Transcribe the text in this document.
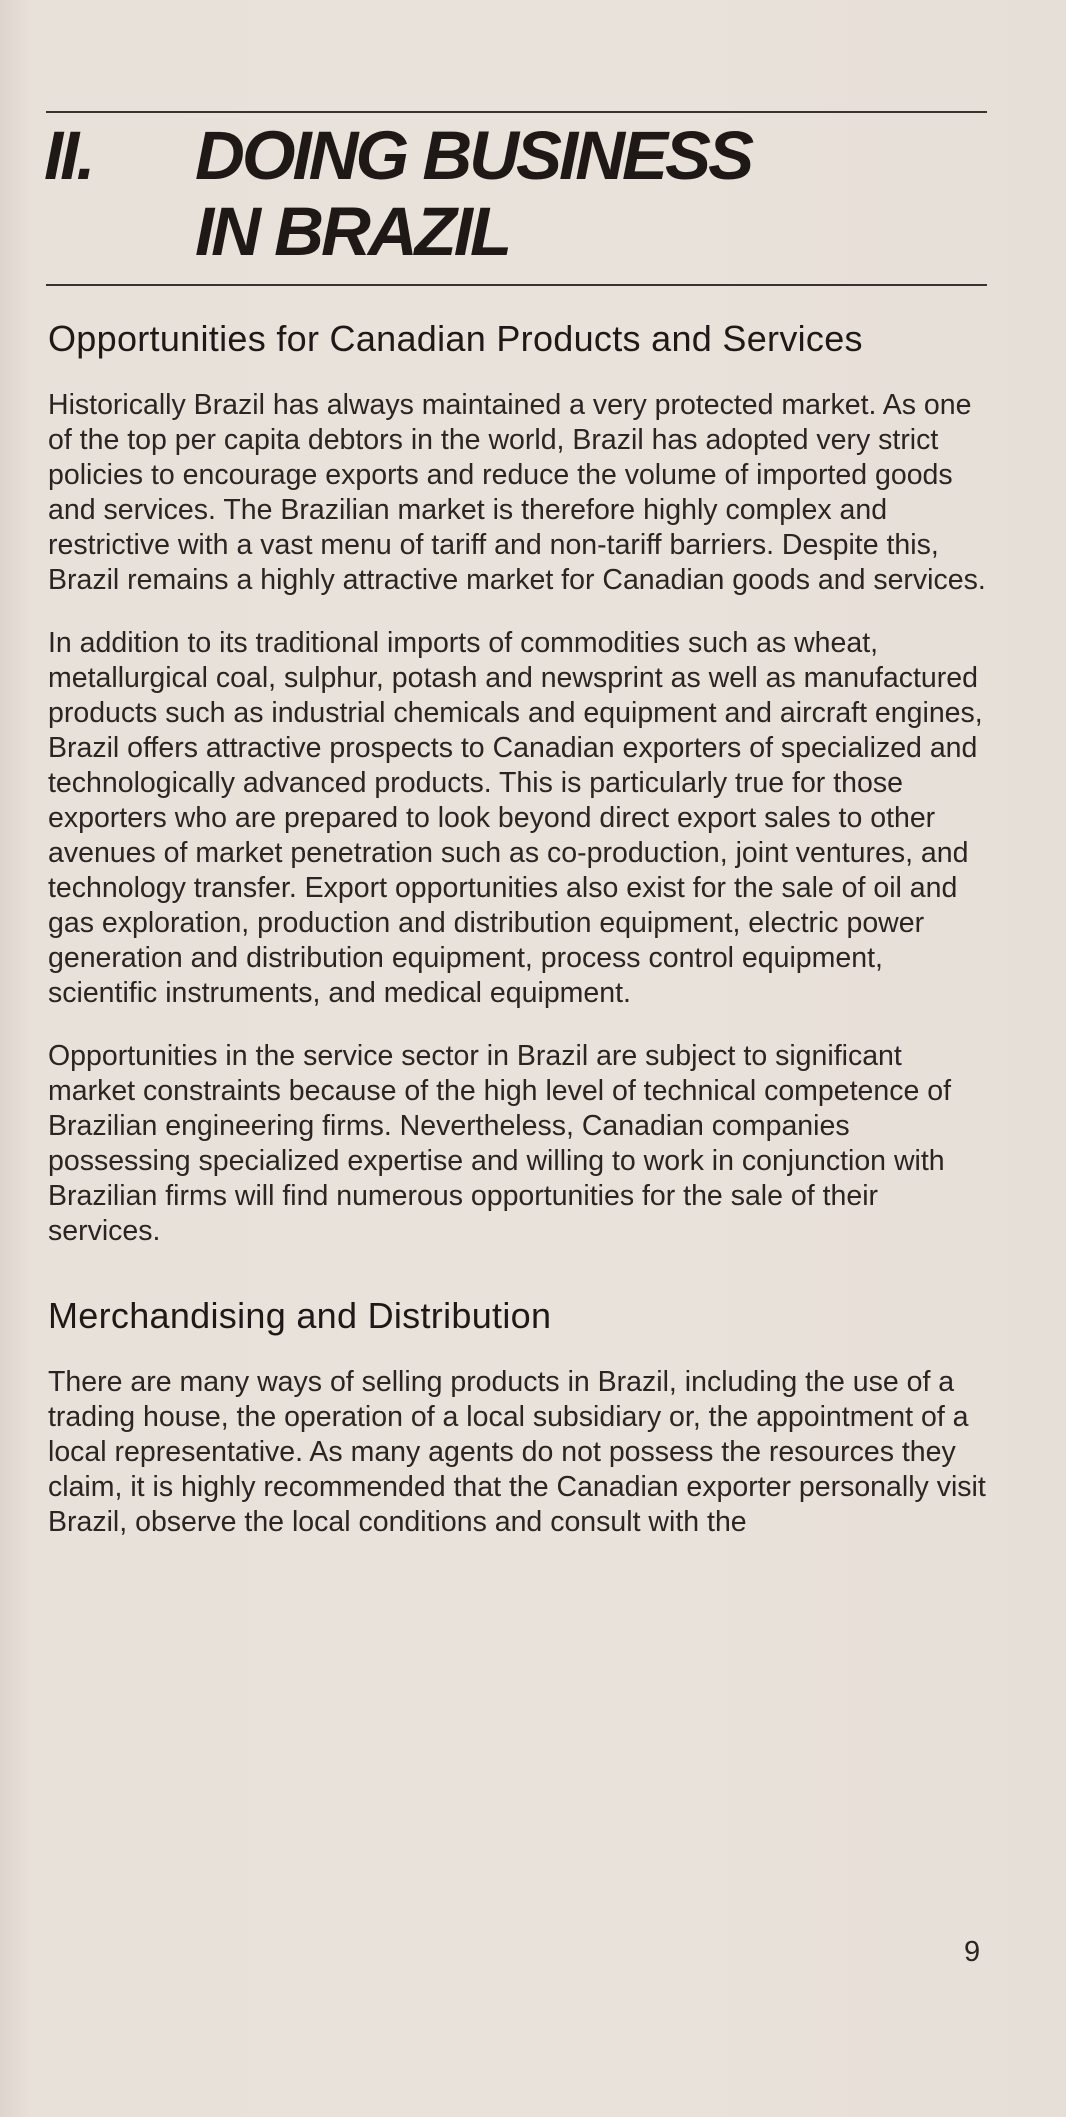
II. DOING BUSINESS
IN BRAZIL
Opportunities for Canadian Products and Services

Historically Brazil has always maintained a very protected market. As one of the top per capita debtors in the world, Brazil has adopted very strict policies to encourage exports and reduce the volume of imported goods and services. The Brazilian market is therefore highly complex and restrictive with a vast menu of tariff and non-tariff barriers. Despite this, Brazil remains a highly attractive market for Canadian goods and services.

In addition to its traditional imports of commodities such as wheat, metallurgical coal, sulphur, potash and newsprint as well as manufactured products such as industrial chemicals and equipment and aircraft engines, Brazil offers attractive prospects to Canadian exporters of specialized and technologically advanced products. This is particularly true for those exporters who are prepared to look beyond direct export sales to other avenues of market penetration such as co-production, joint ventures, and technology transfer. Export opportunities also exist for the sale of oil and gas exploration, production and distribution equipment, electric power generation and distribution equipment, process control equipment, scientific instruments, and medical equipment.

Opportunities in the service sector in Brazil are subject to significant market constraints because of the high level of technical competence of Brazilian engineering firms. Nevertheless, Canadian companies possessing specialized expertise and willing to work in conjunction with Brazilian firms will find numerous opportunities for the sale of their services.

Merchandising and Distribution

There are many ways of selling products in Brazil, including the use of a trading house, the operation of a local subsidiary or, the appointment of a local representative. As many agents do not possess the resources they claim, it is highly recommended that the Canadian exporter personally visit Brazil, observe the local conditions and consult with the

9
